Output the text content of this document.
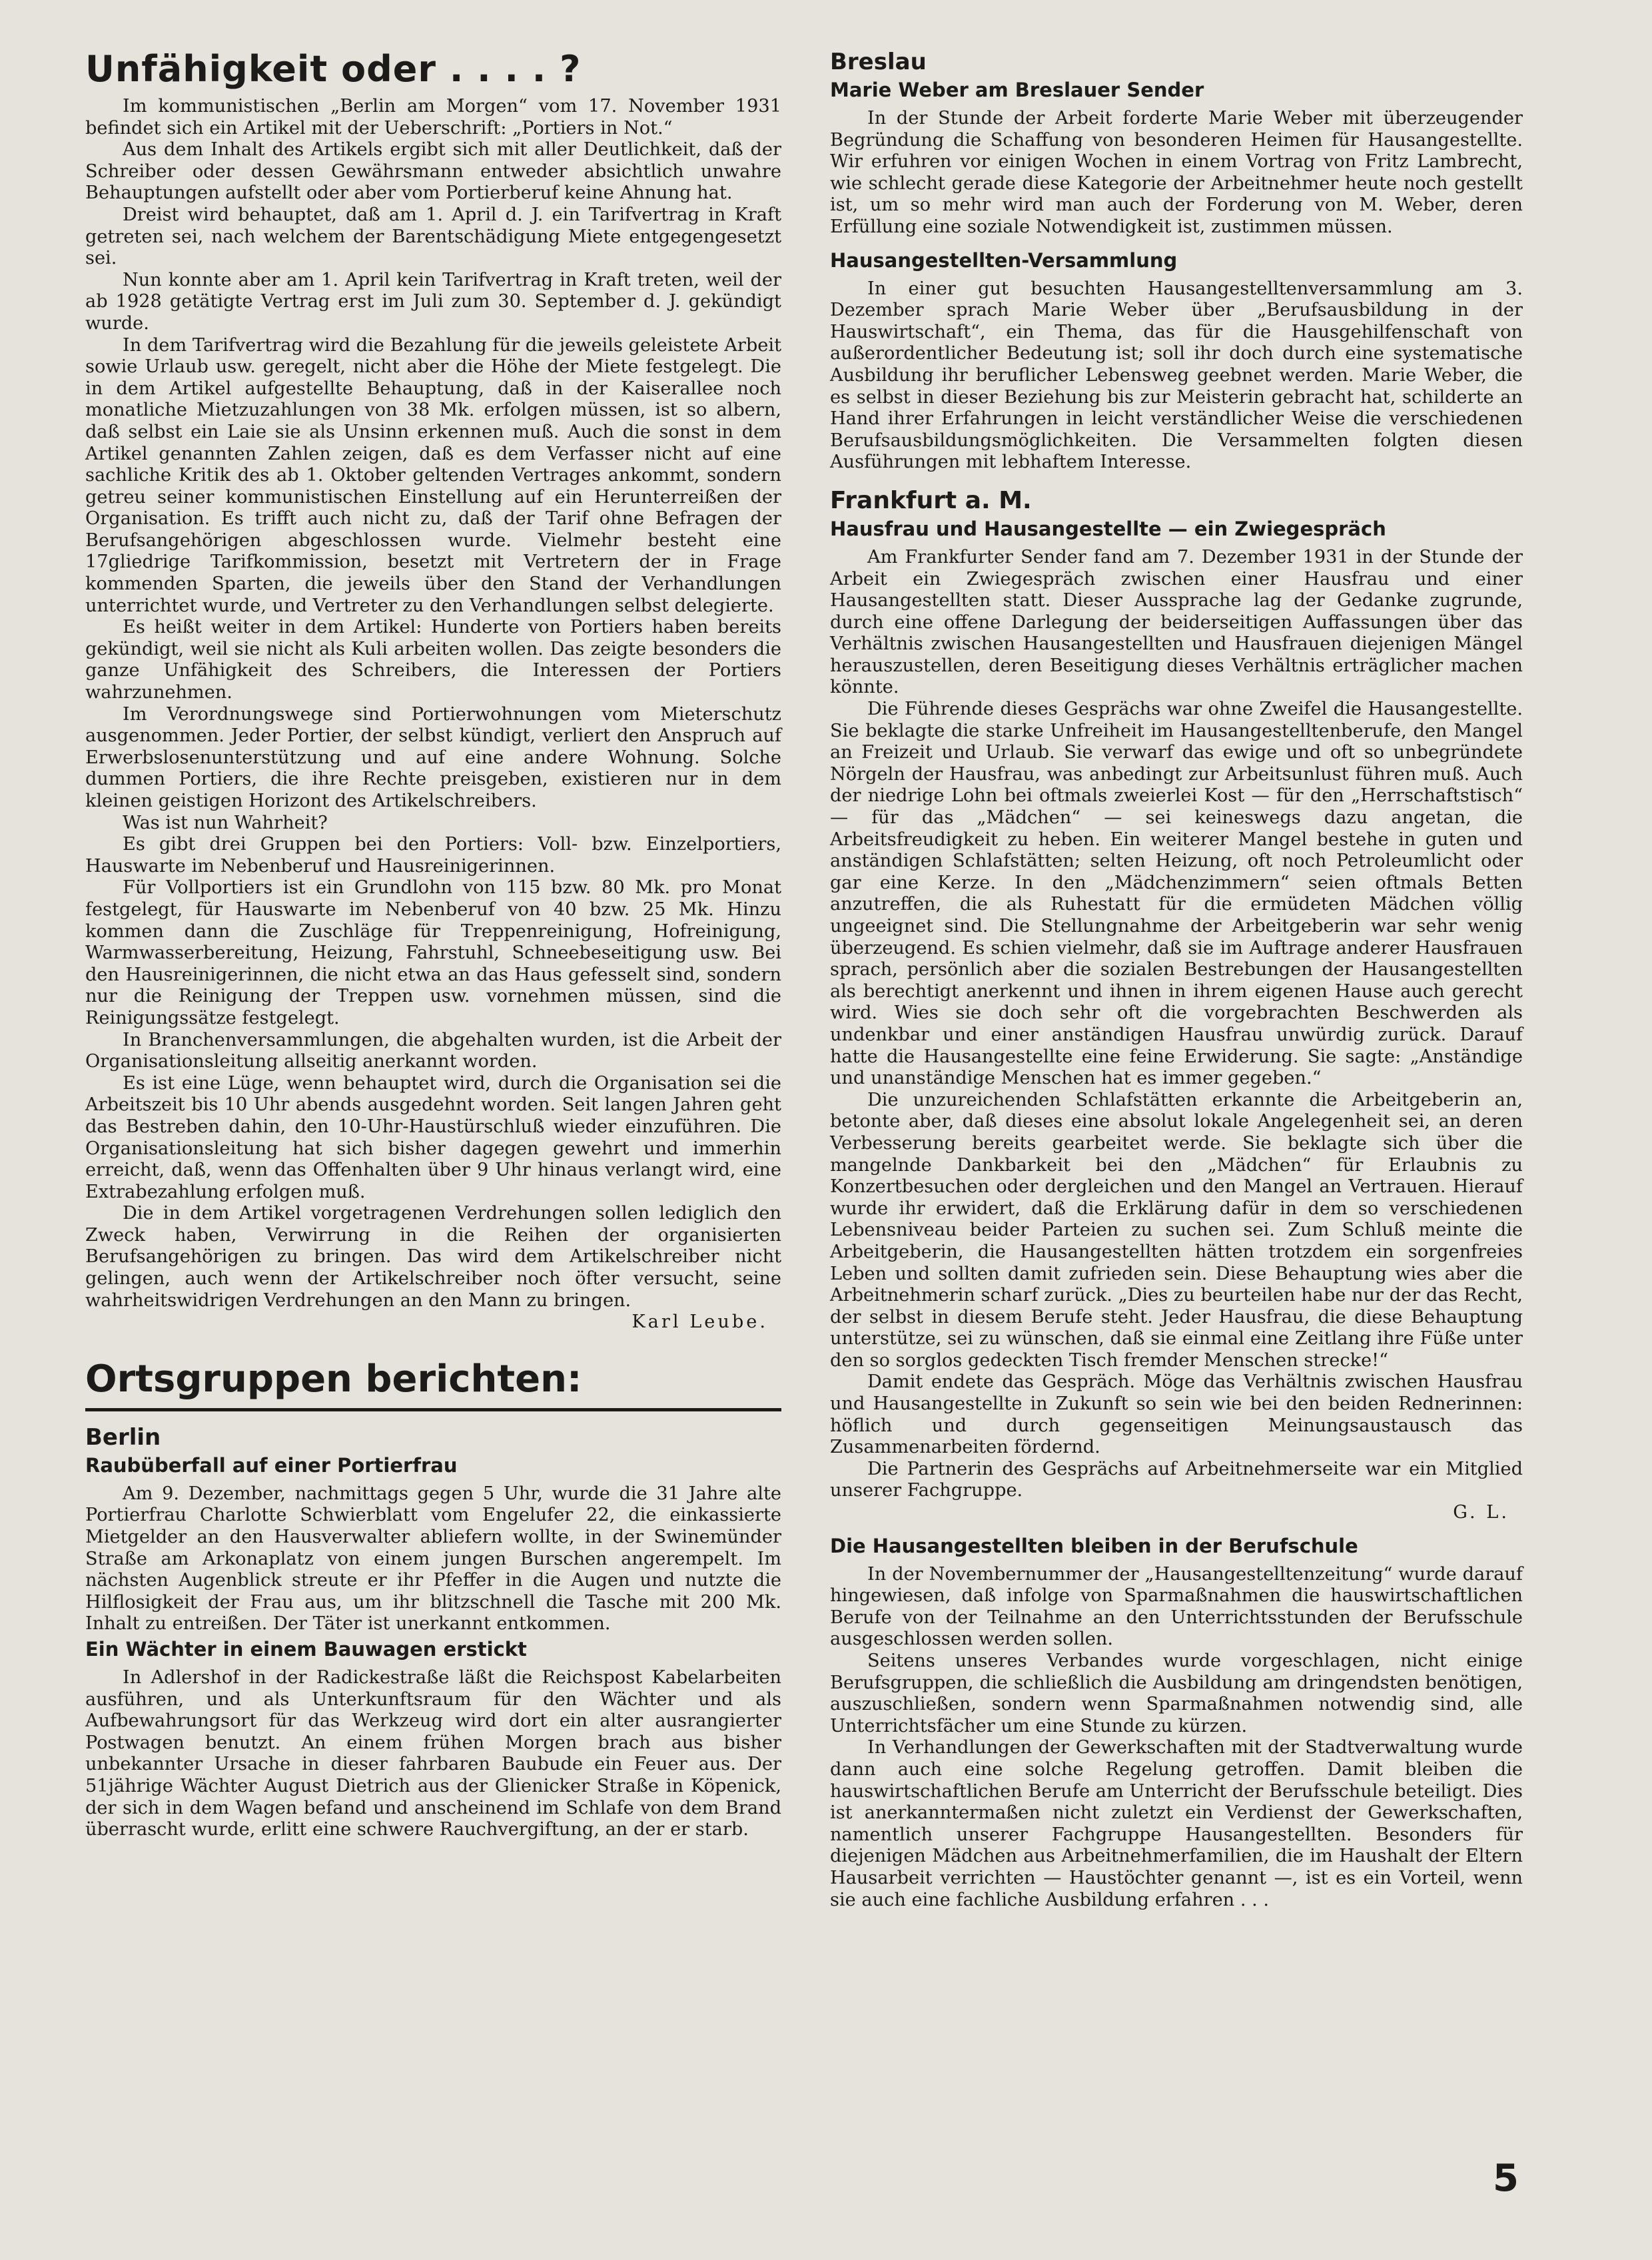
Unfähigkeit oder . . . . ?

Im kommunistischen „Berlin am Morgen“ vom 17. November 1931 befindet sich ein Artikel mit der Ueberschrift: „Portiers in Not.“

Aus dem Inhalt des Artikels ergibt sich mit aller Deutlichkeit, daß der Schreiber oder dessen Gewährsmann entweder absichtlich unwahre Behauptungen aufstellt oder aber vom Portierberuf keine Ahnung hat.

Dreist wird behauptet, daß am 1. April d. J. ein Tarifvertrag in Kraft getreten sei, nach welchem der Barentschädigung Miete entgegengesetzt sei.

Nun konnte aber am 1. April kein Tarifvertrag in Kraft treten, weil der ab 1928 getätigte Vertrag erst im Juli zum 30. September d. J. gekündigt wurde.

In dem Tarifvertrag wird die Bezahlung für die jeweils geleistete Arbeit sowie Urlaub usw. geregelt, nicht aber die Höhe der Miete festgelegt. Die in dem Artikel aufgestellte Behauptung, daß in der Kaiserallee noch monatliche Mietzuzahlungen von 38 Mk. erfolgen müssen, ist so albern, daß selbst ein Laie sie als Unsinn erkennen muß. Auch die sonst in dem Artikel genannten Zahlen zeigen, daß es dem Verfasser nicht auf eine sachliche Kritik des ab 1. Oktober geltenden Vertrages ankommt, sondern getreu seiner kommunistischen Einstellung auf ein Herunterreißen der Organisation. Es trifft auch nicht zu, daß der Tarif ohne Befragen der Berufsangehörigen abgeschlossen wurde. Vielmehr besteht eine 17gliedrige Tarifkommission, besetzt mit Vertretern der in Frage kommenden Sparten, die jeweils über den Stand der Verhandlungen unterrichtet wurde, und Vertreter zu den Verhandlungen selbst delegierte.

Es heißt weiter in dem Artikel: Hunderte von Portiers haben bereits gekündigt, weil sie nicht als Kuli arbeiten wollen. Das zeigte besonders die ganze Unfähigkeit des Schreibers, die Interessen der Portiers wahrzunehmen.

Im Verordnungswege sind Portierwohnungen vom Mieterschutz ausgenommen. Jeder Portier, der selbst kündigt, verliert den Anspruch auf Erwerbslosenunterstützung und auf eine andere Wohnung. Solche dummen Portiers, die ihre Rechte preisgeben, existieren nur in dem kleinen geistigen Horizont des Artikelschreibers.

Was ist nun Wahrheit?

Es gibt drei Gruppen bei den Portiers: Voll- bzw. Einzelportiers, Hauswarte im Nebenberuf und Hausreinigerinnen.

Für Vollportiers ist ein Grundlohn von 115 bzw. 80 Mk. pro Monat festgelegt, für Hauswarte im Nebenberuf von 40 bzw. 25 Mk. Hinzu kommen dann die Zuschläge für Treppenreinigung, Hofreinigung, Warmwasserbereitung, Heizung, Fahrstuhl, Schneebeseitigung usw. Bei den Hausreinigerinnen, die nicht etwa an das Haus gefesselt sind, sondern nur die Reinigung der Treppen usw. vornehmen müssen, sind die Reinigungssätze festgelegt.

In Branchenversammlungen, die abgehalten wurden, ist die Arbeit der Organisationsleitung allseitig anerkannt worden.

Es ist eine Lüge, wenn behauptet wird, durch die Organisation sei die Arbeitszeit bis 10 Uhr abends ausgedehnt worden. Seit langen Jahren geht das Bestreben dahin, den 10-Uhr-Haustürschluß wieder einzuführen. Die Organisationsleitung hat sich bisher dagegen gewehrt und immerhin erreicht, daß, wenn das Offenhalten über 9 Uhr hinaus verlangt wird, eine Extrabezahlung erfolgen muß.

Die in dem Artikel vorgetragenen Verdrehungen sollen lediglich den Zweck haben, Verwirrung in die Reihen der organisierten Berufsangehörigen zu bringen. Das wird dem Artikelschreiber nicht gelingen, auch wenn der Artikelschreiber noch öfter versucht, seine wahrheitswidrigen Verdrehungen an den Mann zu bringen.

Karl Leube.

Ortsgruppen berichten:
Berlin
Raubüberfall auf einer Portierfrau

Am 9. Dezember, nachmittags gegen 5 Uhr, wurde die 31 Jahre alte Portierfrau Charlotte Schwierblatt vom Engelufer 22, die einkassierte Mietgelder an den Hausverwalter abliefern wollte, in der Swinemünder Straße am Arkonaplatz von einem jungen Burschen angerempelt. Im nächsten Augenblick streute er ihr Pfeffer in die Augen und nutzte die Hilflosigkeit der Frau aus, um ihr blitzschnell die Tasche mit 200 Mk. Inhalt zu entreißen. Der Täter ist unerkannt entkommen.

Ein Wächter in einem Bauwagen erstickt

In Adlershof in der Radickestraße läßt die Reichspost Kabelarbeiten ausführen, und als Unterkunftsraum für den Wächter und als Aufbewahrungsort für das Werkzeug wird dort ein alter ausrangierter Postwagen benutzt. An einem frühen Morgen brach aus bisher unbekannter Ursache in dieser fahrbaren Baubude ein Feuer aus. Der 51jährige Wächter August Dietrich aus der Glienicker Straße in Köpenick, der sich in dem Wagen befand und anscheinend im Schlafe von dem Brand überrascht wurde, erlitt eine schwere Rauchvergiftung, an der er starb.

Breslau
Marie Weber am Breslauer Sender

In der Stunde der Arbeit forderte Marie Weber mit überzeugender Begründung die Schaffung von besonderen Heimen für Hausangestellte. Wir erfuhren vor einigen Wochen in einem Vortrag von Fritz Lambrecht, wie schlecht gerade diese Kategorie der Arbeitnehmer heute noch gestellt ist, um so mehr wird man auch der Forderung von M. Weber, deren Erfüllung eine soziale Notwendigkeit ist, zustimmen müssen.

Hausangestellten-Versammlung

In einer gut besuchten Hausangestelltenversammlung am 3. Dezember sprach Marie Weber über „Berufsausbildung in der Hauswirtschaft“, ein Thema, das für die Hausgehilfenschaft von außerordentlicher Bedeutung ist; soll ihr doch durch eine systematische Ausbildung ihr beruflicher Lebensweg geebnet werden. Marie Weber, die es selbst in dieser Beziehung bis zur Meisterin gebracht hat, schilderte an Hand ihrer Erfahrungen in leicht verständlicher Weise die verschiedenen Berufsausbildungsmöglichkeiten. Die Versammelten folgten diesen Ausführungen mit lebhaftem Interesse.

Frankfurt a. M.
Hausfrau und Hausangestellte — ein Zwiegespräch

Am Frankfurter Sender fand am 7. Dezember 1931 in der Stunde der Arbeit ein Zwiegespräch zwischen einer Hausfrau und einer Hausangestellten statt. Dieser Aussprache lag der Gedanke zugrunde, durch eine offene Darlegung der beiderseitigen Auffassungen über das Verhältnis zwischen Hausangestellten und Hausfrauen diejenigen Mängel herauszustellen, deren Beseitigung dieses Verhältnis erträglicher machen könnte.

Die Führende dieses Gesprächs war ohne Zweifel die Hausangestellte. Sie beklagte die starke Unfreiheit im Hausangestelltenberufe, den Mangel an Freizeit und Urlaub. Sie verwarf das ewige und oft so unbegründete Nörgeln der Hausfrau, was anbedingt zur Arbeitsunlust führen muß. Auch der niedrige Lohn bei oftmals zweierlei Kost — für den „Herrschaftstisch“ — für das „Mädchen“ — sei keineswegs dazu angetan, die Arbeitsfreudigkeit zu heben. Ein weiterer Mangel bestehe in guten und anständigen Schlafstätten; selten Heizung, oft noch Petroleumlicht oder gar eine Kerze. In den „Mädchenzimmern“ seien oftmals Betten anzutreffen, die als Ruhestatt für die ermüdeten Mädchen völlig ungeeignet sind. Die Stellungnahme der Arbeitgeberin war sehr wenig überzeugend. Es schien vielmehr, daß sie im Auftrage anderer Hausfrauen sprach, persönlich aber die sozialen Bestrebungen der Hausangestellten als berechtigt anerkennt und ihnen in ihrem eigenen Hause auch gerecht wird. Wies sie doch sehr oft die vorgebrachten Beschwerden als undenkbar und einer anständigen Hausfrau unwürdig zurück. Darauf hatte die Hausangestellte eine feine Erwiderung. Sie sagte: „Anständige und unanständige Menschen hat es immer gegeben.“

Die unzureichenden Schlafstätten erkannte die Arbeitgeberin an, betonte aber, daß dieses eine absolut lokale Angelegenheit sei, an deren Verbesserung bereits gearbeitet werde. Sie beklagte sich über die mangelnde Dankbarkeit bei den „Mädchen“ für Erlaubnis zu Konzertbesuchen oder dergleichen und den Mangel an Vertrauen. Hierauf wurde ihr erwidert, daß die Erklärung dafür in dem so verschiedenen Lebensniveau beider Parteien zu suchen sei. Zum Schluß meinte die Arbeitgeberin, die Hausangestellten hätten trotzdem ein sorgenfreies Leben und sollten damit zufrieden sein. Diese Behauptung wies aber die Arbeitnehmerin scharf zurück. „Dies zu beurteilen habe nur der das Recht, der selbst in diesem Berufe steht. Jeder Hausfrau, die diese Behauptung unterstütze, sei zu wünschen, daß sie einmal eine Zeitlang ihre Füße unter den so sorglos gedeckten Tisch fremder Menschen strecke!“

Damit endete das Gespräch. Möge das Verhältnis zwischen Hausfrau und Hausangestellte in Zukunft so sein wie bei den beiden Rednerinnen: höflich und durch gegenseitigen Meinungsaustausch das Zusammenarbeiten fördernd.

Die Partnerin des Gesprächs auf Arbeitnehmerseite war ein Mitglied unserer Fachgruppe.

G. L.

Die Hausangestellten bleiben in der Berufschule

In der Novembernummer der „Hausangestelltenzeitung“ wurde darauf hingewiesen, daß infolge von Sparmaßnahmen die hauswirtschaftlichen Berufe von der Teilnahme an den Unterrichtsstunden der Berufsschule ausgeschlossen werden sollen.

Seitens unseres Verbandes wurde vorgeschlagen, nicht einige Berufsgruppen, die schließlich die Ausbildung am dringendsten benötigen, auszuschließen, sondern wenn Sparmaßnahmen notwendig sind, alle Unterrichtsfächer um eine Stunde zu kürzen.

In Verhandlungen der Gewerkschaften mit der Stadtverwaltung wurde dann auch eine solche Regelung getroffen. Damit bleiben die hauswirtschaftlichen Berufe am Unterricht der Berufsschule beteiligt. Dies ist anerkanntermaßen nicht zuletzt ein Verdienst der Gewerkschaften, namentlich unserer Fachgruppe Hausangestellten. Besonders für diejenigen Mädchen aus Arbeitnehmerfamilien, die im Haushalt der Eltern Hausarbeit verrichten — Haustöchter genannt —, ist es ein Vorteil, wenn sie auch eine fachliche Ausbildung erfahren . . .

5
